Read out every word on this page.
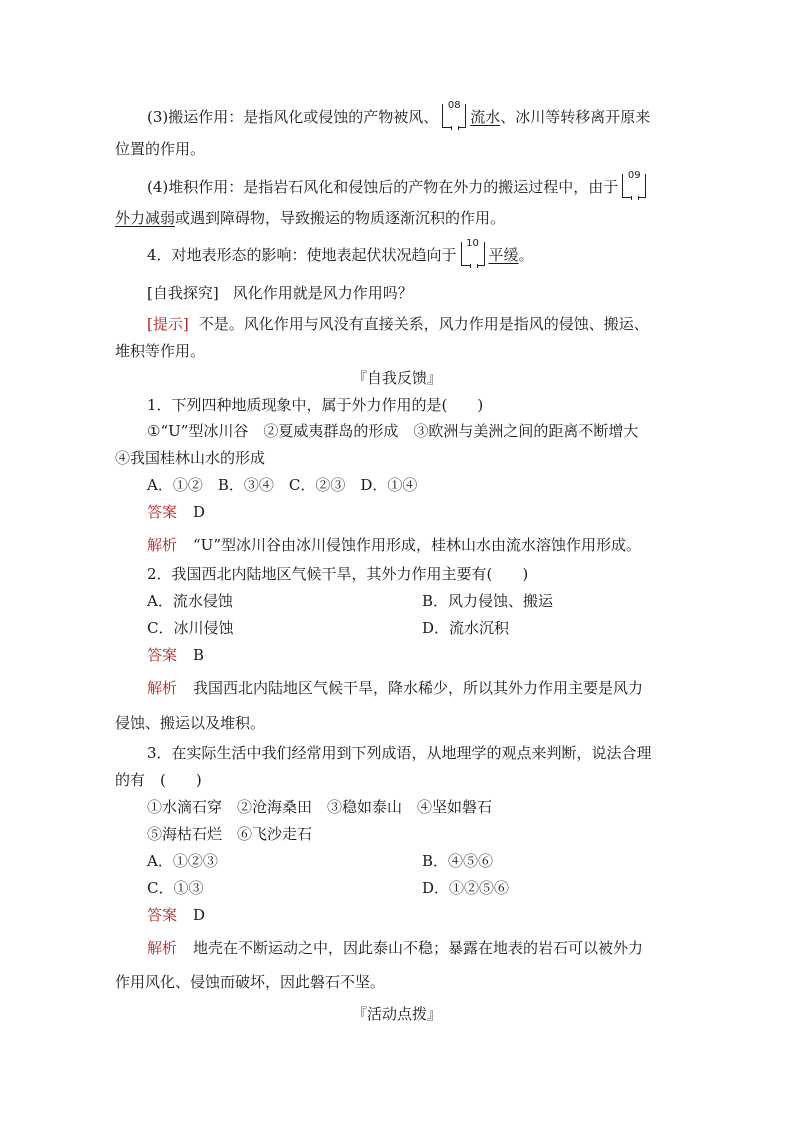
(3)搬运作用：是指风化或侵蚀的产物被风、
08
流水、冰川等转移离开原来
位置的作用。
(4)堆积作用：是指岩石风化和侵蚀后的产物在外力的搬运过程中，由于
09
外力减弱或遇到障碍物，导致搬运的物质逐渐沉积的作用。
4．对地表形态的影响：使地表起伏状况趋向于
10
平缓。
[自我探究] 风化作用就是风力作用吗？
[提示] 不是。风化作用与风没有直接关系，风力作用是指风的侵蚀、搬运、
堆积等作用。
『自我反馈』
1．下列四种地质现象中，属于外力作用的是(　　)
①“U”型冰川谷　②夏威夷群岛的形成　③欧洲与美洲之间的距离不断增大
④我国桂林山水的形成
A．①②　B．③④　C．②③　D．①④
答案 D
解析 “U”型冰川谷由冰川侵蚀作用形成，桂林山水由流水溶蚀作用形成。
2．我国西北内陆地区气候干旱，其外力作用主要有(　　)
A．流水侵蚀	B．风力侵蚀、搬运
C．冰川侵蚀	D．流水沉积
答案 B
解析 我国西北内陆地区气候干旱，降水稀少，所以其外力作用主要是风力
侵蚀、搬运以及堆积。
3．在实际生活中我们经常用到下列成语，从地理学的观点来判断，说法合理
的有　(　　)
①水滴石穿　②沧海桑田　③稳如泰山　④坚如磐石
⑤海枯石烂　⑥飞沙走石
A．①②③	B．④⑤⑥
C．①③	D．①②⑤⑥
答案 D
解析 地壳在不断运动之中，因此泰山不稳；暴露在地表的岩石可以被外力
作用风化、侵蚀而破坏，因此磐石不坚。
『活动点拨』
